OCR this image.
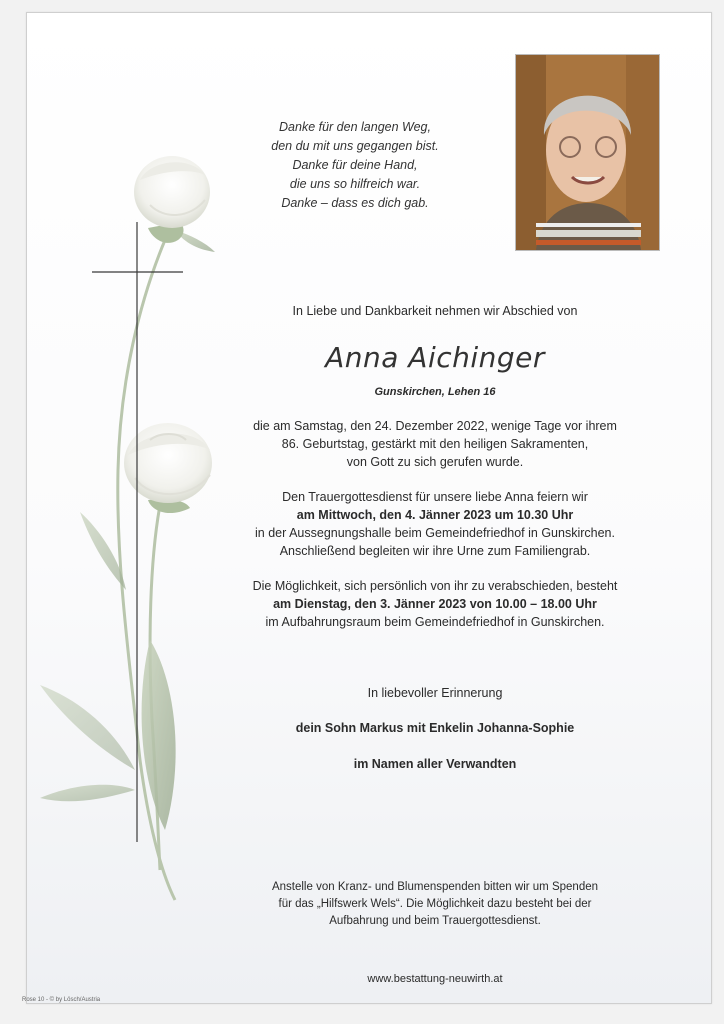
Danke für den langen Weg,
den du mit uns gegangen bist.
Danke für deine Hand,
die uns so hilfreich war.
Danke – dass es dich gab.
In Liebe und Dankbarkeit nehmen wir Abschied von
Anna Aichinger
Gunskirchen, Lehen 16
die am Samstag, den 24. Dezember 2022, wenige Tage vor ihrem
86. Geburtstag, gestärkt mit den heiligen Sakramenten,
von Gott zu sich gerufen wurde.
Den Trauergottesdienst für unsere liebe Anna feiern wir
am Mittwoch, den 4. Jänner 2023 um 10.30 Uhr
in der Aussegnungshalle beim Gemeindefriedhof in Gunskirchen.
Anschließend begleiten wir ihre Urne zum Familiengrab.
Die Möglichkeit, sich persönlich von ihr zu verabschieden, besteht
am Dienstag, den 3. Jänner 2023 von 10.00 – 18.00 Uhr
im Aufbahrungsraum beim Gemeindefriedhof in Gunskirchen.
In liebevoller Erinnerung
dein Sohn Markus mit Enkelin Johanna-Sophie
im Namen aller Verwandten
Anstelle von Kranz- und Blumenspenden bitten wir um Spenden
für das „Hilfswerk Wels“. Die Möglichkeit dazu besteht bei der
Aufbahrung und beim Trauergottesdienst.
www.bestattung-neuwirth.at
Rose 10 - © by Lösch/Austria
